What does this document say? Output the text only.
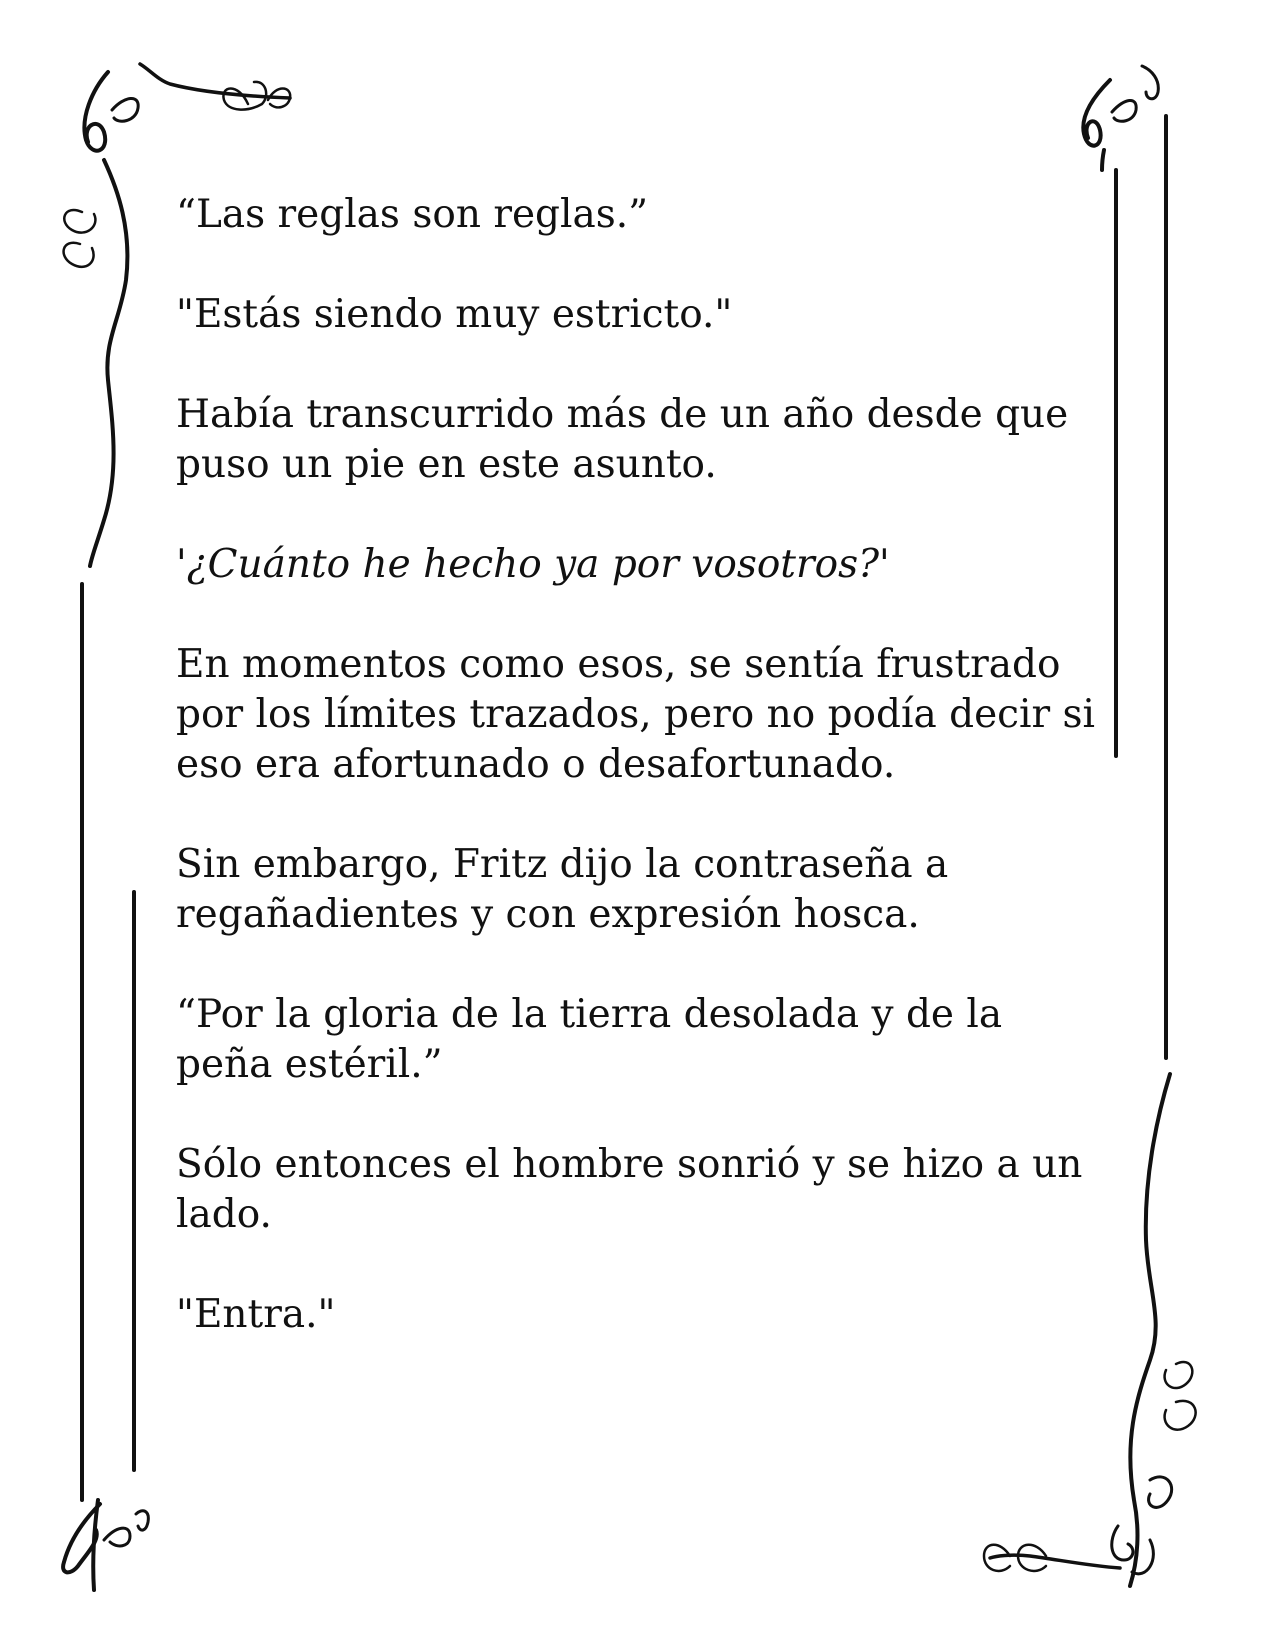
“Las reglas son reglas.”

"Estás siendo muy estricto."

Había transcurrido más de un año desde que puso un pie en este asunto.

'¿Cuánto he hecho ya por vosotros?'

En momentos como esos, se sentía frustrado por los límites trazados, pero no podía decir si eso era afortunado o desafortunado.

Sin embargo, Fritz dijo la contraseña a regañadientes y con expresión hosca.

“Por la gloria de la tierra desolada y de la peña estéril.”

Sólo entonces el hombre sonrió y se hizo a un lado.

"Entra."
